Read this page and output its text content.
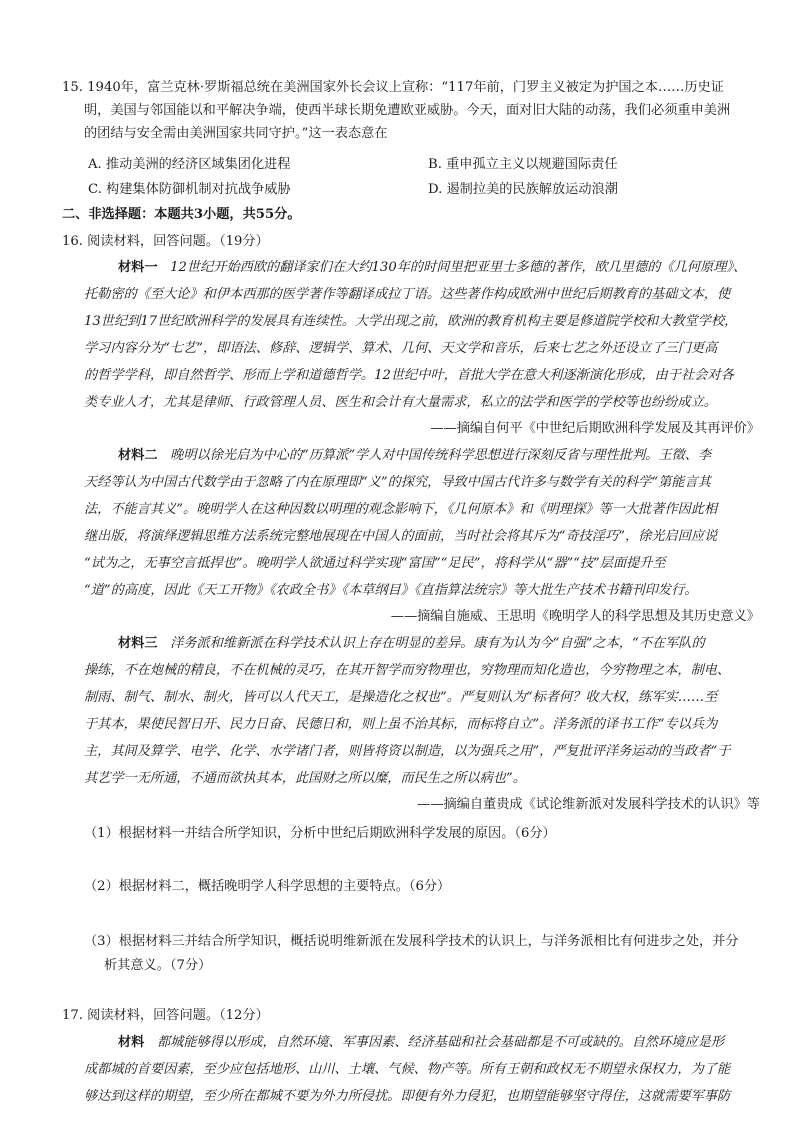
15. 1940年，富兰克林·罗斯福总统在美洲国家外长会议上宣称：“117年前，门罗主义被定为护国之本……历史证
明，美国与邻国能以和平解决争端，使西半球长期免遭欧亚威胁。今天，面对旧大陆的动荡，我们必须重申美洲
的团结与安全需由美洲国家共同守护。”这一表态意在
A. 推动美洲的经济区域集团化进程	B. 重申孤立主义以规避国际责任
C. 构建集体防御机制对抗战争威胁	D. 遏制拉美的民族解放运动浪潮
二、非选择题：本题共3小题，共55分。
16. 阅读材料，回答问题。（19分）
材料一 12世纪开始西欧的翻译家们在大约130年的时间里把亚里士多德的著作，欧几里德的《几何原理》、
托勒密的《至大论》和伊本西那的医学著作等翻译成拉丁语。这些著作构成欧洲中世纪后期教育的基础文本，使
13世纪到17世纪欧洲科学的发展具有连续性。大学出现之前，欧洲的教育机构主要是修道院学校和大教堂学校，
学习内容分为“七艺”，即语法、修辞、逻辑学、算术、几何、天文学和音乐，后来七艺之外还设立了三门更高
的哲学学科，即自然哲学、形而上学和道德哲学。12世纪中叶，首批大学在意大利逐渐演化形成，由于社会对各
类专业人才，尤其是律师、行政管理人员、医生和会计有大量需求，私立的法学和医学的学校等也纷纷成立。
——摘编自何平《中世纪后期欧洲科学发展及其再评价》
材料二 晚明以徐光启为中心的“历算派”学人对中国传统科学思想进行深刻反省与理性批判。王徵、李
天经等认为中国古代数学由于忽略了内在原理即“义”的探究，导致中国古代许多与数学有关的科学“第能言其
法，不能言其义”。晚明学人在这种因数以明理的观念影响下，《几何原本》和《明理探》等一大批著作因此相
继出版，将演绎逻辑思维方法系统完整地展现在中国人的面前，当时社会将其斥为“奇技淫巧”，徐光启回应说
“试为之，无事空言抵捍也”。晚明学人欲通过科学实现“富国”“足民”，将科学从“器”“技”层面提升至
“道”的高度，因此《天工开物》《农政全书》《本草纲目》《直指算法统宗》等大批生产技术书籍刊印发行。
——摘编自施威、王思明《晚明学人的科学思想及其历史意义》
材料三 洋务派和维新派在科学技术认识上存在明显的差异。康有为认为今“自强”之本，“不在军队的
操练，不在炮械的精良，不在机械的灵巧，在其开智学而穷物理也，穷物理而知化造也，今穷物理之本，制电、
制雨、制气、制水、制火，皆可以人代天工，是操造化之权也”。严复则认为“标者何？收大权，练军实……至
于其本，果使民智日开、民力日奋、民德日和，则上虽不治其标，而标将自立”。洋务派的译书工作“专以兵为
主，其间及算学、电学、化学、水学诸门者，则皆将资以制造，以为强兵之用”，严复批评洋务运动的当政者“于
其艺学一无所通，不通而欲执其本，此国财之所以糜，而民生之所以病也”。
——摘编自董贵成《试论维新派对发展科学技术的认识》等
（1）根据材料一并结合所学知识，分析中世纪后期欧洲科学发展的原因。（6分）
（2）根据材料二，概括晚明学人科学思想的主要特点。（6分）
（3）根据材料三并结合所学知识，概括说明维新派在发展科学技术的认识上，与洋务派相比有何进步之处，并分
析其意义。（7分）
17. 阅读材料，回答问题。（12分）
材料 都城能够得以形成，自然环境、军事因素、经济基础和社会基础都是不可或缺的。自然环境应是形
成都城的首要因素，至少应包括地形、山川、土壤、气候、物产等。所有王朝和政权无不期望永保权力，为了能
够达到这样的期望，至少所在都城不要为外力所侵扰。即便有外力侵犯，也期望能够坚守得住，这就需要军事防
